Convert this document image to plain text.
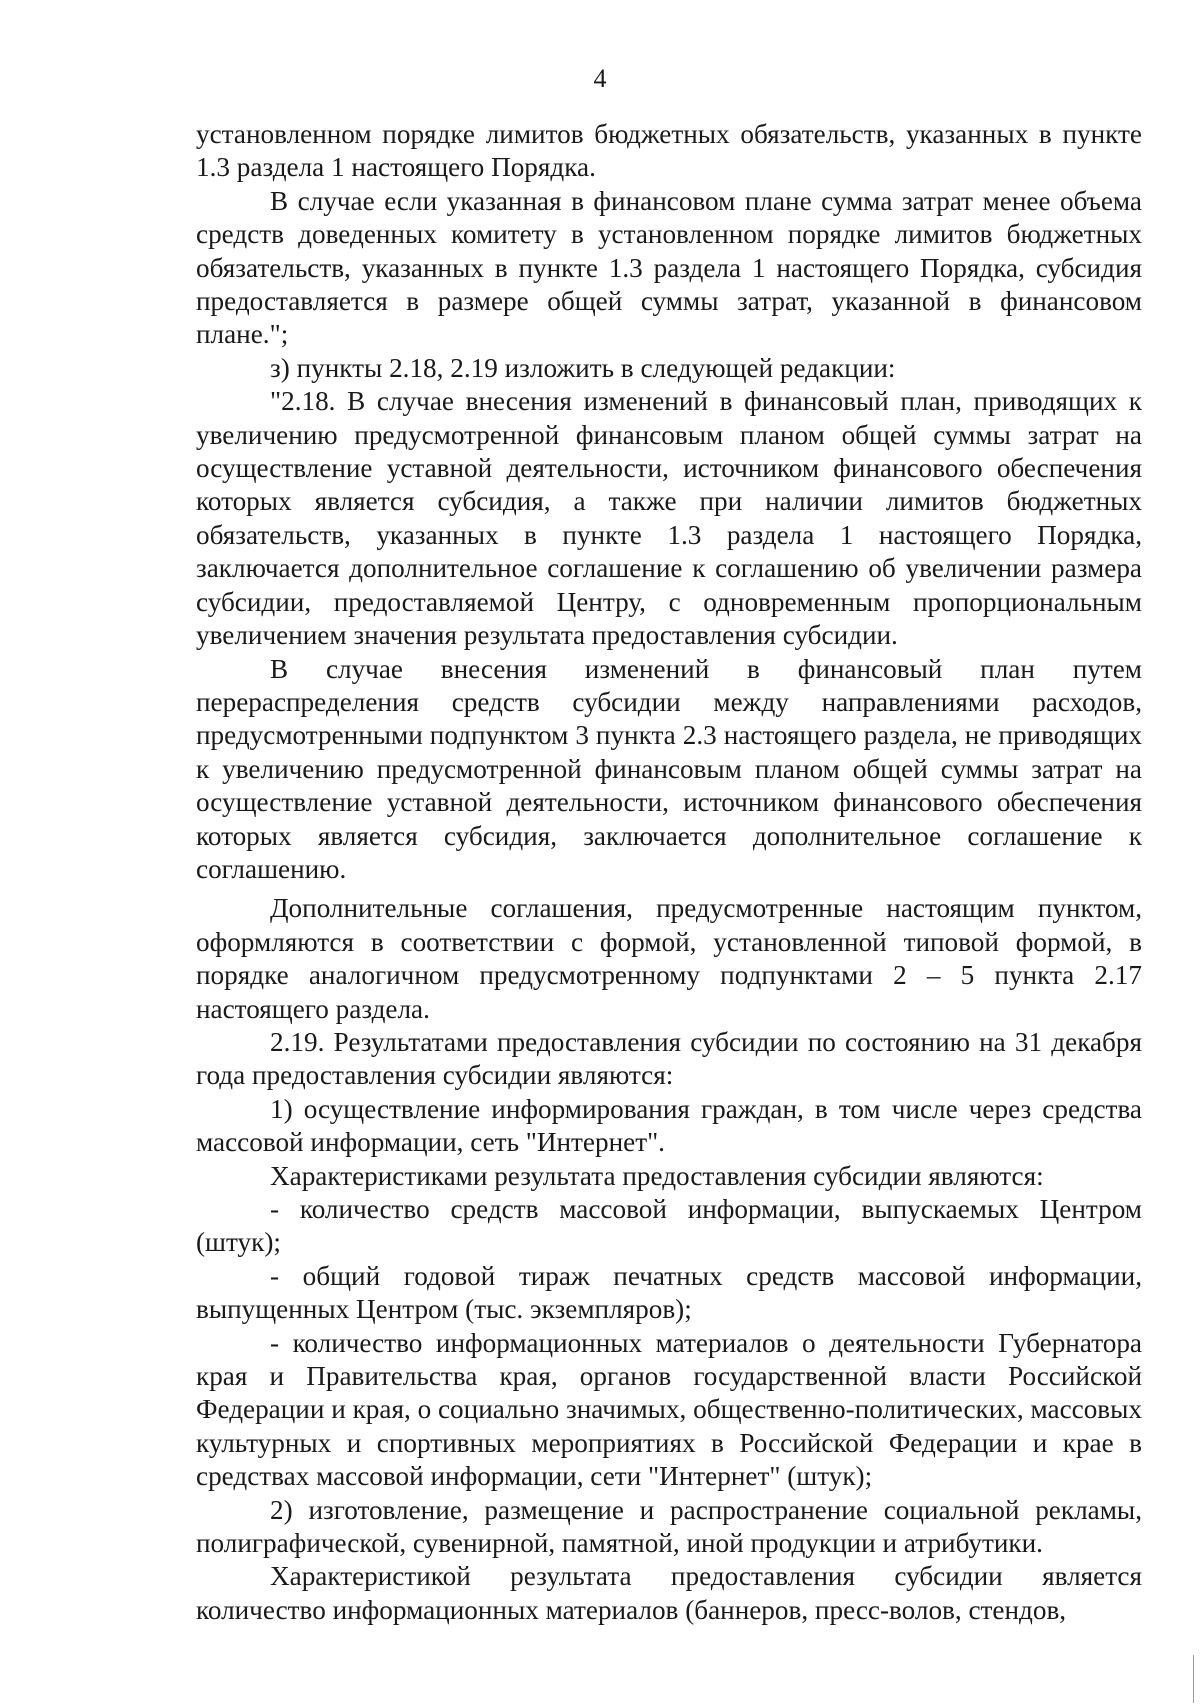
4

установленном порядке лимитов бюджетных обязательств, указанных в пункте 1.3 раздела 1 настоящего Порядка.

В случае если указанная в финансовом плане сумма затрат менее объема средств доведенных комитету в установленном порядке лимитов бюджетных обязательств, указанных в пункте 1.3 раздела 1 настоящего Порядка, субсидия предоставляется в размере общей суммы затрат, указанной в финансовом плане.";

з) пункты 2.18, 2.19 изложить в следующей редакции:

"2.18. В случае внесения изменений в финансовый план, приводящих к увеличению предусмотренной финансовым планом общей суммы затрат на осуществление уставной деятельности, источником финансового обеспечения которых является субсидия, а также при наличии лимитов бюджетных обязательств, указанных в пункте 1.3 раздела 1 настоящего Порядка, заключается дополнительное соглашение к соглашению об увеличении размера субсидии, предоставляемой Центру, с одновременным пропорциональным увеличением значения результата предоставления субсидии.

В случае внесения изменений в финансовый план путем перераспределения средств субсидии между направлениями расходов, предусмотренными подпунктом 3 пункта 2.3 настоящего раздела, не приводящих к увеличению предусмотренной финансовым планом общей суммы затрат на осуществление уставной деятельности, источником финансового обеспечения которых является субсидия, заключается дополнительное соглашение к соглашению.

Дополнительные соглашения, предусмотренные настоящим пунктом, оформляются в соответствии с формой, установленной типовой формой, в порядке аналогичном предусмотренному подпунктами 2 – 5 пункта 2.17 настоящего раздела.

2.19. Результатами предоставления субсидии по состоянию на 31 декабря года предоставления субсидии являются:

1) осуществление информирования граждан, в том числе через средства массовой информации, сеть "Интернет".

Характеристиками результата предоставления субсидии являются:

- количество средств массовой информации, выпускаемых Центром (штук);

- общий годовой тираж печатных средств массовой информации, выпущенных Центром (тыс. экземпляров);

- количество информационных материалов о деятельности Губернатора края и Правительства края, органов государственной власти Российской Федерации и края, о социально значимых, общественно-политических, массовых культурных и спортивных мероприятиях в Российской Федерации и крае в средствах массовой информации, сети "Интернет" (штук);

2) изготовление, размещение и распространение социальной рекламы, полиграфической, сувенирной, памятной, иной продукции и атрибутики.

Характеристикой результата предоставления субсидии является количество информационных материалов (баннеров, пресс-волов, стендов,
